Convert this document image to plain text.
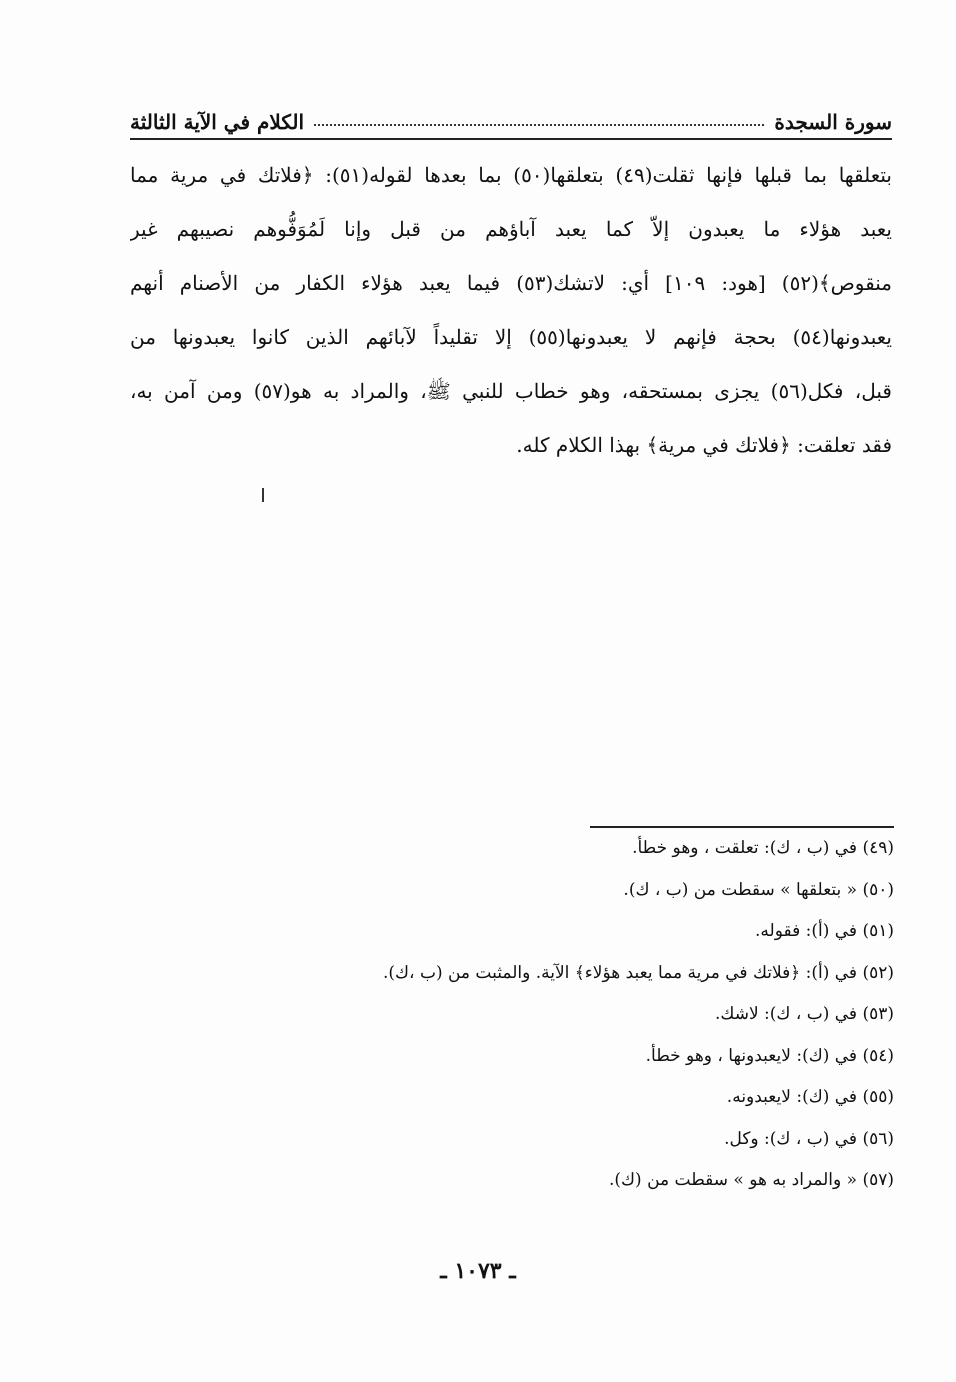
سورة السجدة
الكلام في الآية الثالثة
بتعلقها بما قبلها فإنها ثقلت(٤٩) بتعلقها(٥٠) بما بعدها لقوله(٥١): ﴿فلاتك في مرية مما
يعبد هؤلاء ما يعبدون إلاّ كما يعبد آباؤهم من قبل وإنا لَمُوَفُّوهم نصيبهم غير
منقوص﴾(٥٢) [هود: ١٠٩] أي: لاتشك(٥٣) فيما يعبد هؤلاء الكفار من الأصنام أنهم
يعبدونها(٥٤) بحجة فإنهم لا يعبدونها(٥٥) إلا تقليداً لآبائهم الذين كانوا يعبدونها من
قبل، فكل(٥٦) يجزى بمستحقه، وهو خطاب للنبي ﷺ، والمراد به هو(٥٧) ومن آمن به،
فقد تعلقت: ﴿فلاتك في مرية﴾ بهذا الكلام كله.
(٤٩) في (ب ، ك): تعلقت ، وهو خطأ.
(٥٠) « بتعلقها » سقطت من (ب ، ك).
(٥١) في (أ): فقوله.
(٥٢) في (أ): ﴿فلاتك في مرية مما يعبد هؤلاء﴾ الآية. والمثبت من (ب ،ك).
(٥٣) في (ب ، ك): لاشك.
(٥٤) في (ك): لايعبدونها ، وهو خطأ.
(٥٥) في (ك): لايعبدونه.
(٥٦) في (ب ، ك): وكل.
(٥٧) « والمراد به هو » سقطت من (ك).
ـ ١٠٧٣ ـ
